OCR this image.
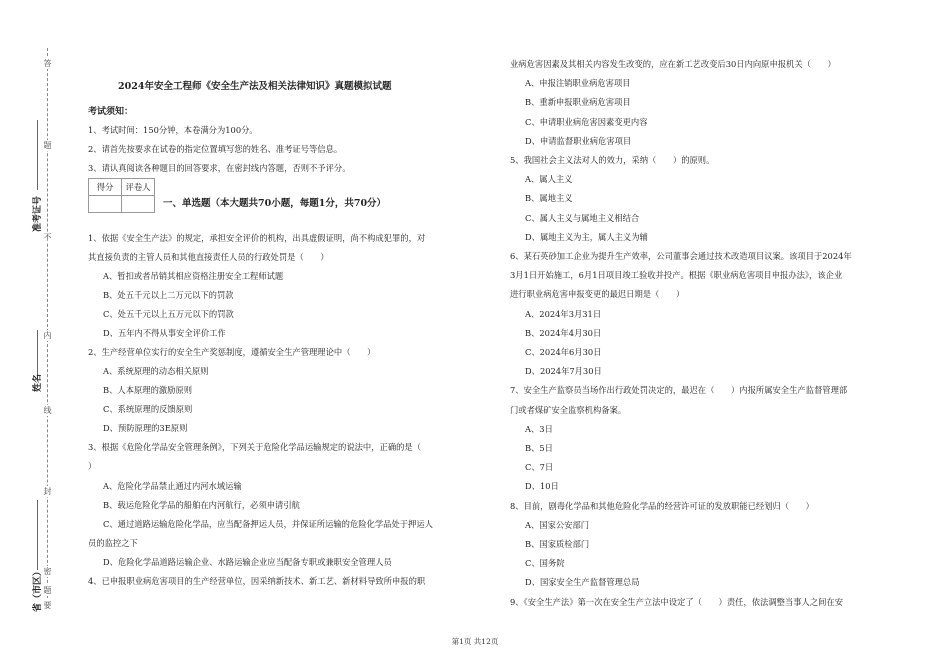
答
题
不
内
线
封
密
题
要
准考证号
姓名
省（市区）
2024年安全工程师《安全生产法及相关法律知识》真题模拟试题
考试须知：
1、考试时间：150分钟，本卷满分为100分。
2、请首先按要求在试卷的指定位置填写您的姓名、准考证号等信息。
3、请认真阅读各种题目的回答要求，在密封线内答题，否则不予评分。
得分	评卷人

一、单选题（本大题共70小题，每题1分，共70分）
1、依据《安全生产法》的规定，承担安全评价的机构，出具虚假证明，尚不构成犯罪的，对
其直接负责的主管人员和其他直接责任人员的行政处罚是（　　）
A、暂扣或者吊销其相应资格注册安全工程师试题
B、处五千元以上二万元以下的罚款
C、处五千元以上五万元以下的罚款
D、五年内不得从事安全评价工作
2、生产经营单位实行的安全生产奖惩制度，遵循安全生产管理理论中（　　）
A、系统原理的动态相关原则
B、人本原理的激励原则
C、系统原理的反馈原则
D、预防原理的3E原则
3、根据《危险化学品安全管理条例》，下列关于危险化学品运输规定的说法中，正确的是（
）
A、危险化学品禁止通过内河水域运输
B、载运危险化学品的船舶在内河航行，必须申请引航
C、通过道路运输危险化学品，应当配备押运人员，并保证所运输的危险化学品处于押运人
员的监控之下
D、危险化学品道路运输企业、水路运输企业应当配备专职或兼职安全管理人员
4、已申报职业病危害项目的生产经营单位，因采纳新技术、新工艺、新材料导致所申报的职
业病危害因素及其相关内容发生改变的，应在新工艺改变后30日内向原申报机关（　　）
A、申报注销职业病危害项目
B、重新申报职业病危害项目
C、申请职业病危害因素变更内容
D、申请监督职业病危害项目
5、我国社会主义法对人的效力，采纳（　　）的原则。
A、属人主义
B、属地主义
C、属人主义与属地主义相结合
D、属地主义为主，属人主义为辅
6、某石英砂加工企业为提升生产效率，公司董事会通过技术改造项目议案。该项目于2024年
3月1日开始施工，6月1日项目竣工验收并投产。根据《职业病危害项目申报办法》，该企业
进行职业病危害申报变更的最迟日期是（　　）
A、2024年3月31日
B、2024年4月30日
C、2024年6月30日
D、2024年7月30日
7、安全生产监察员当场作出行政处罚决定的，最迟在（　　）内报所属安全生产监督管理部
门或者煤矿安全监察机构备案。
A、3日
B、5日
C、7日
D、10日
8、目前，剧毒化学品和其他危险化学品的经营许可证的发放职能已经划归（　　）
A、国家公安部门
B、国家质检部门
C、国务院
D、国家安全生产监督管理总局
9、《安全生产法》第一次在安全生产立法中设定了（　　）责任，依法调整当事人之间在安
第1页 共12页
